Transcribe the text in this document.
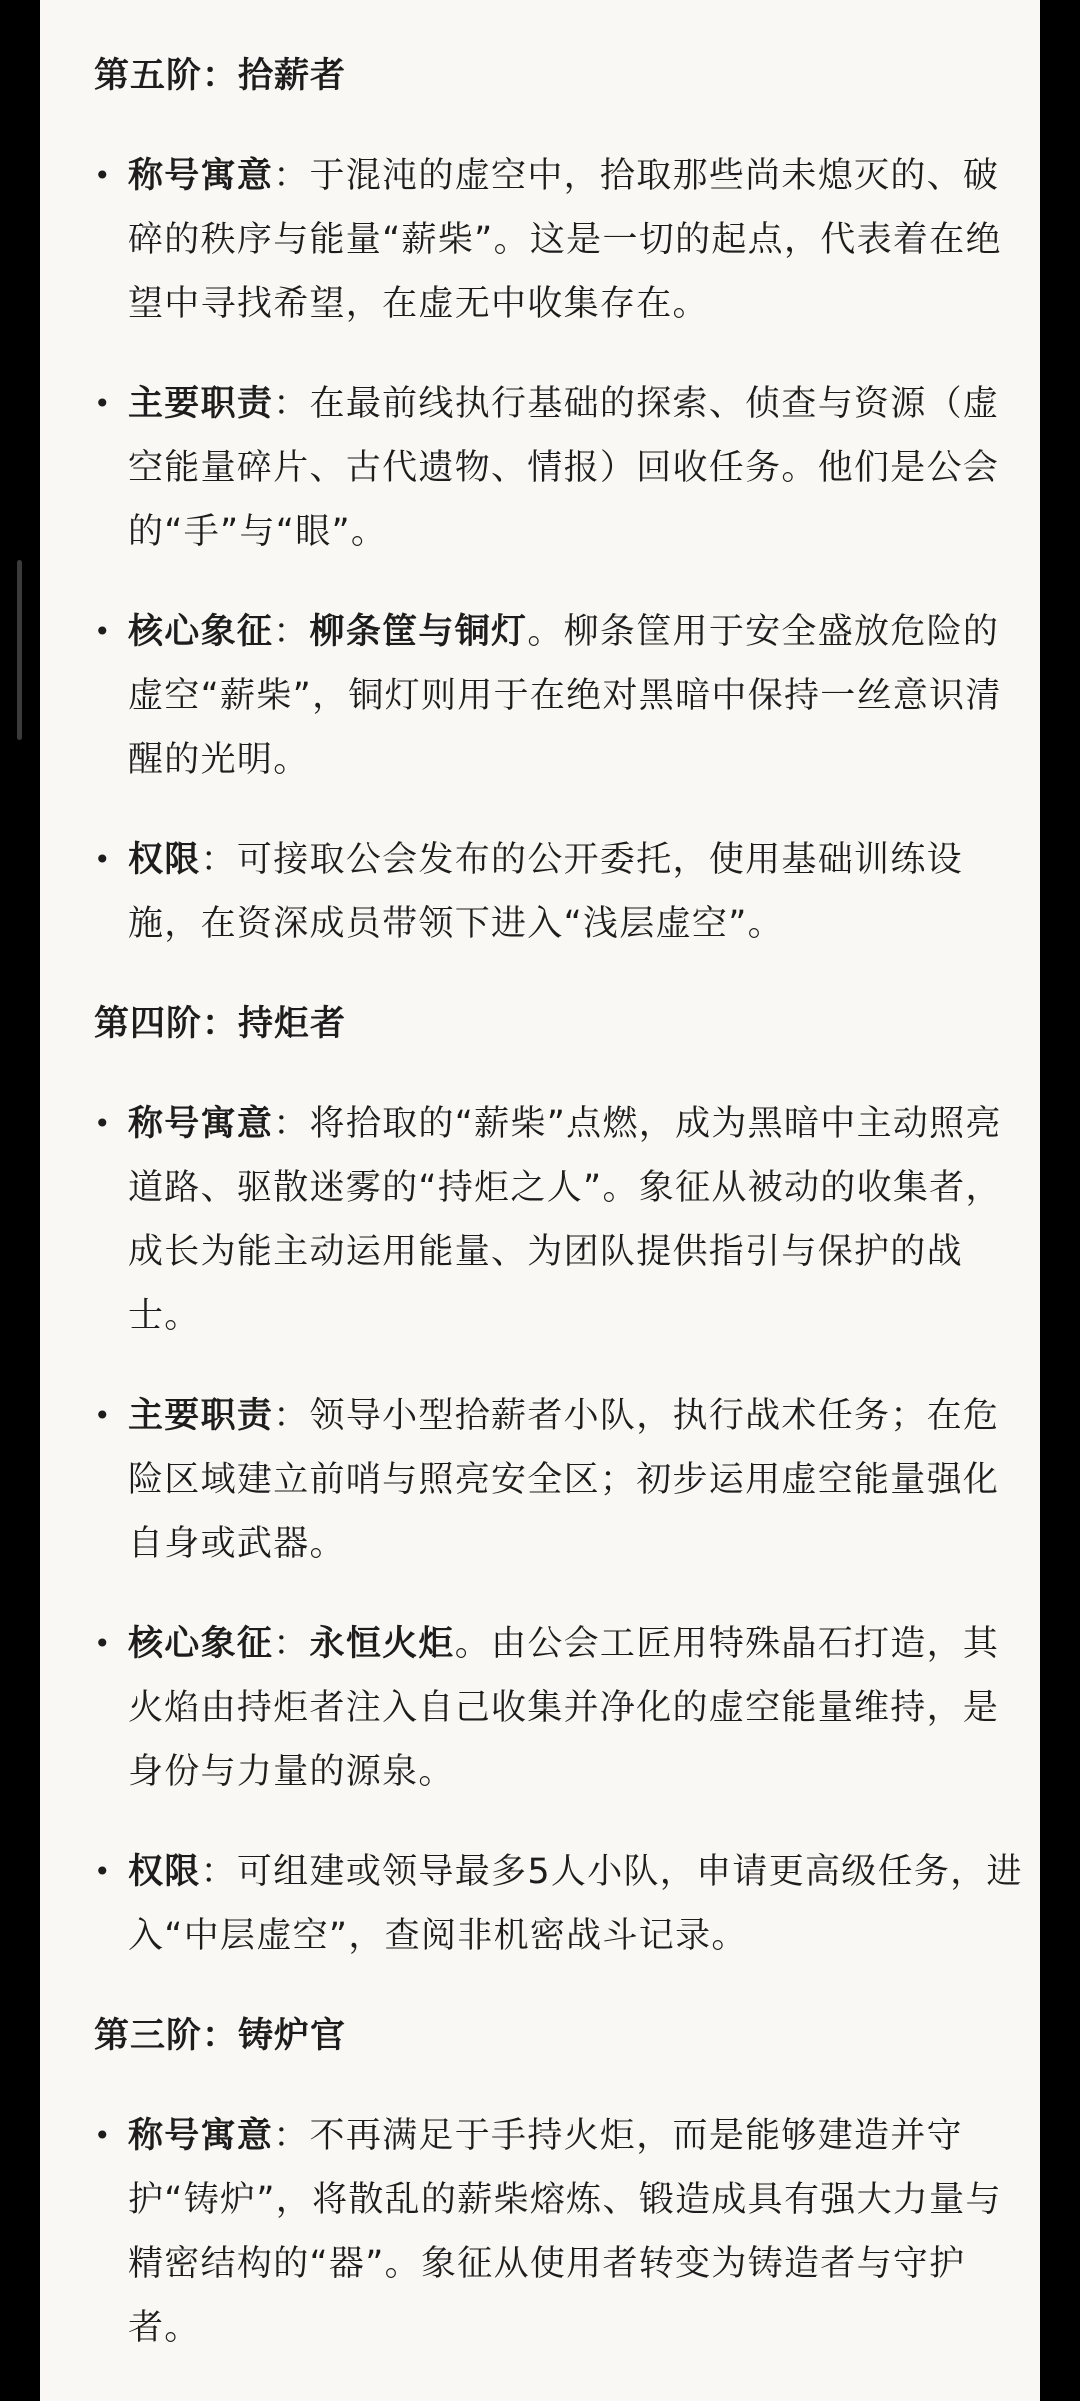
第五阶：拾薪者
• 称号寓意：于混沌的虚空中，拾取那些尚未熄灭的、破碎的秩序与能量“薪柴”。这是一切的起点，代表着在绝望中寻找希望，在虚无中收集存在。
• 主要职责：在最前线执行基础的探索、侦查与资源（虚空能量碎片、古代遗物、情报）回收任务。他们是公会的“手”与“眼”。
• 核心象征：柳条筐与铜灯。柳条筐用于安全盛放危险的虚空“薪柴”，铜灯则用于在绝对黑暗中保持一丝意识清醒的光明。
• 权限：可接取公会发布的公开委托，使用基础训练设施，在资深成员带领下进入“浅层虚空”。
第四阶：持炬者
• 称号寓意：将拾取的“薪柴”点燃，成为黑暗中主动照亮道路、驱散迷雾的“持炬之人”。象征从被动的收集者，成长为能主动运用能量、为团队提供指引与保护的战士。
• 主要职责：领导小型拾薪者小队，执行战术任务；在危险区域建立前哨与照亮安全区；初步运用虚空能量强化自身或武器。
• 核心象征：永恒火炬。由公会工匠用特殊晶石打造，其火焰由持炬者注入自己收集并净化的虚空能量维持，是身份与力量的源泉。
• 权限：可组建或领导最多5人小队，申请更高级任务，进入“中层虚空”，查阅非机密战斗记录。
第三阶：铸炉官
• 称号寓意：不再满足于手持火炬，而是能够建造并守护“铸炉”，将散乱的薪柴熔炼、锻造成具有强大力量与精密结构的“器”。象征从使用者转变为铸造者与守护者。
